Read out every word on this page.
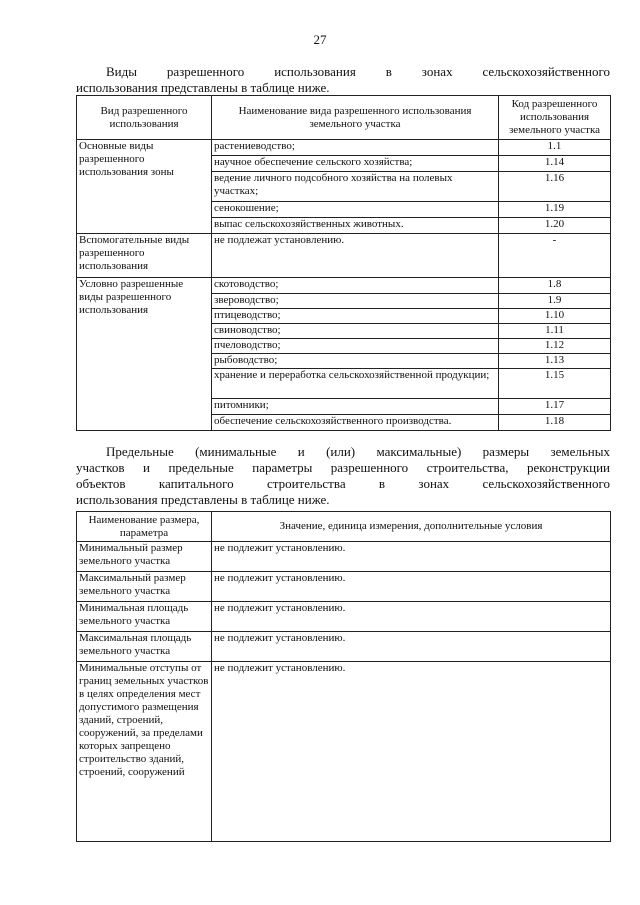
27
Виды разрешенного использования в зонах сельскохозяйственного
использования представлены в таблице ниже.
Вид разрешенного использования	Наименование вида разрешенного использования земельного участка	Код разрешенного использования земельного участка
Основные виды разрешенного использования зоны	растениеводство;	1.1
	научное обеспечение сельского хозяйства;	1.14
	ведение личного подсобного хозяйства на полевых участках;	1.16
	сенокошение;	1.19
	выпас сельскохозяйственных животных.	1.20
Вспомогательные виды разрешенного использования	не подлежат установлению.	-
Условно разрешенные виды разрешенного использования	скотоводство;	1.8
	звероводство;	1.9
	птицеводство;	1.10
	свиноводство;	1.11
	пчеловодство;	1.12
	рыбоводство;	1.13
	хранение и переработка сельскохозяйственной продукции;	1.15
	питомники;	1.17
	обеспечение сельскохозяйственного производства.	1.18
Предельные (минимальные и (или) максимальные) размеры земельных
участков и предельные параметры разрешенного строительства, реконструкции
объектов капитального строительства в зонах сельскохозяйственного
использования представлены в таблице ниже.
Наименование размера, параметра	Значение, единица измерения, дополнительные условия
Минимальный размер земельного участка	не подлежит установлению.
Максимальный размер земельного участка	не подлежит установлению.
Минимальная площадь земельного участка	не подлежит установлению.
Максимальная площадь земельного участка	не подлежит установлению.
Минимальные отступы от границ земельных участков в целях определения мест допустимого размещения зданий, строений, сооружений, за пределами которых запрещено строительство зданий, строений, сооружений	не подлежит установлению.
